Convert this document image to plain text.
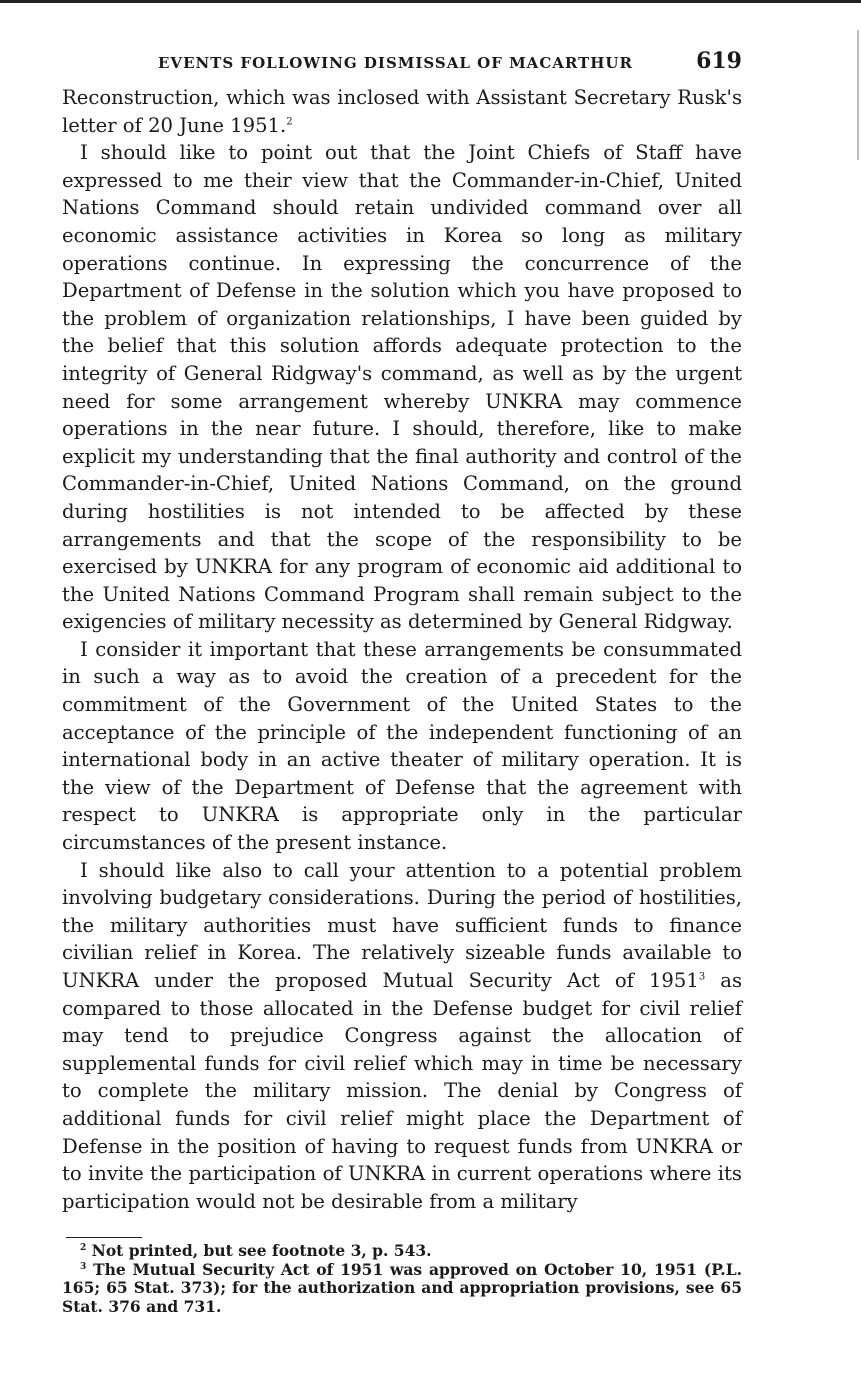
EVENTS FOLLOWING DISMISSAL OF MACARTHUR	619

Reconstruction, which was inclosed with Assistant Secretary Rusk's letter of 20 June 1951.$^2$

I should like to point out that the Joint Chiefs of Staff have expressed to me their view that the Commander-in-Chief, United Nations Command should retain undivided command over all economic assistance activities in Korea so long as military operations continue. In expressing the concurrence of the Department of Defense in the solution which you have proposed to the problem of organization relationships, I have been guided by the belief that this solution affords adequate protection to the integrity of General Ridgway's command, as well as by the urgent need for some arrangement whereby UNKRA may commence operations in the near future. I should, therefore, like to make explicit my understanding that the final authority and control of the Commander-in-Chief, United Nations Command, on the ground during hostilities is not intended to be affected by these arrangements and that the scope of the responsibility to be exercised by UNKRA for any program of economic aid additional to the United Nations Command Program shall remain subject to the exigencies of military necessity as determined by General Ridgway.

I consider it important that these arrangements be consummated in such a way as to avoid the creation of a precedent for the commitment of the Government of the United States to the acceptance of the principle of the independent functioning of an international body in an active theater of military operation. It is the view of the Department of Defense that the agreement with respect to UNKRA is appropriate only in the particular circumstances of the present instance.

I should like also to call your attention to a potential problem involving budgetary considerations. During the period of hostilities, the military authorities must have sufficient funds to finance civilian relief in Korea. The relatively sizeable funds available to UNKRA under the proposed Mutual Security Act of 1951$^3$ as compared to those allocated in the Defense budget for civil relief may tend to prejudice Congress against the allocation of supplemental funds for civil relief which may in time be necessary to complete the military mission. The denial by Congress of additional funds for civil relief might place the Department of Defense in the position of having to request funds from UNKRA or to invite the participation of UNKRA in current operations where its participation would not be desirable from a military

$^2$ Not printed, but see footnote 3, p. 543.

$^3$ The Mutual Security Act of 1951 was approved on October 10, 1951 (P.L. 165; 65 Stat. 373); for the authorization and appropriation provisions, see 65 Stat. 376 and 731.
